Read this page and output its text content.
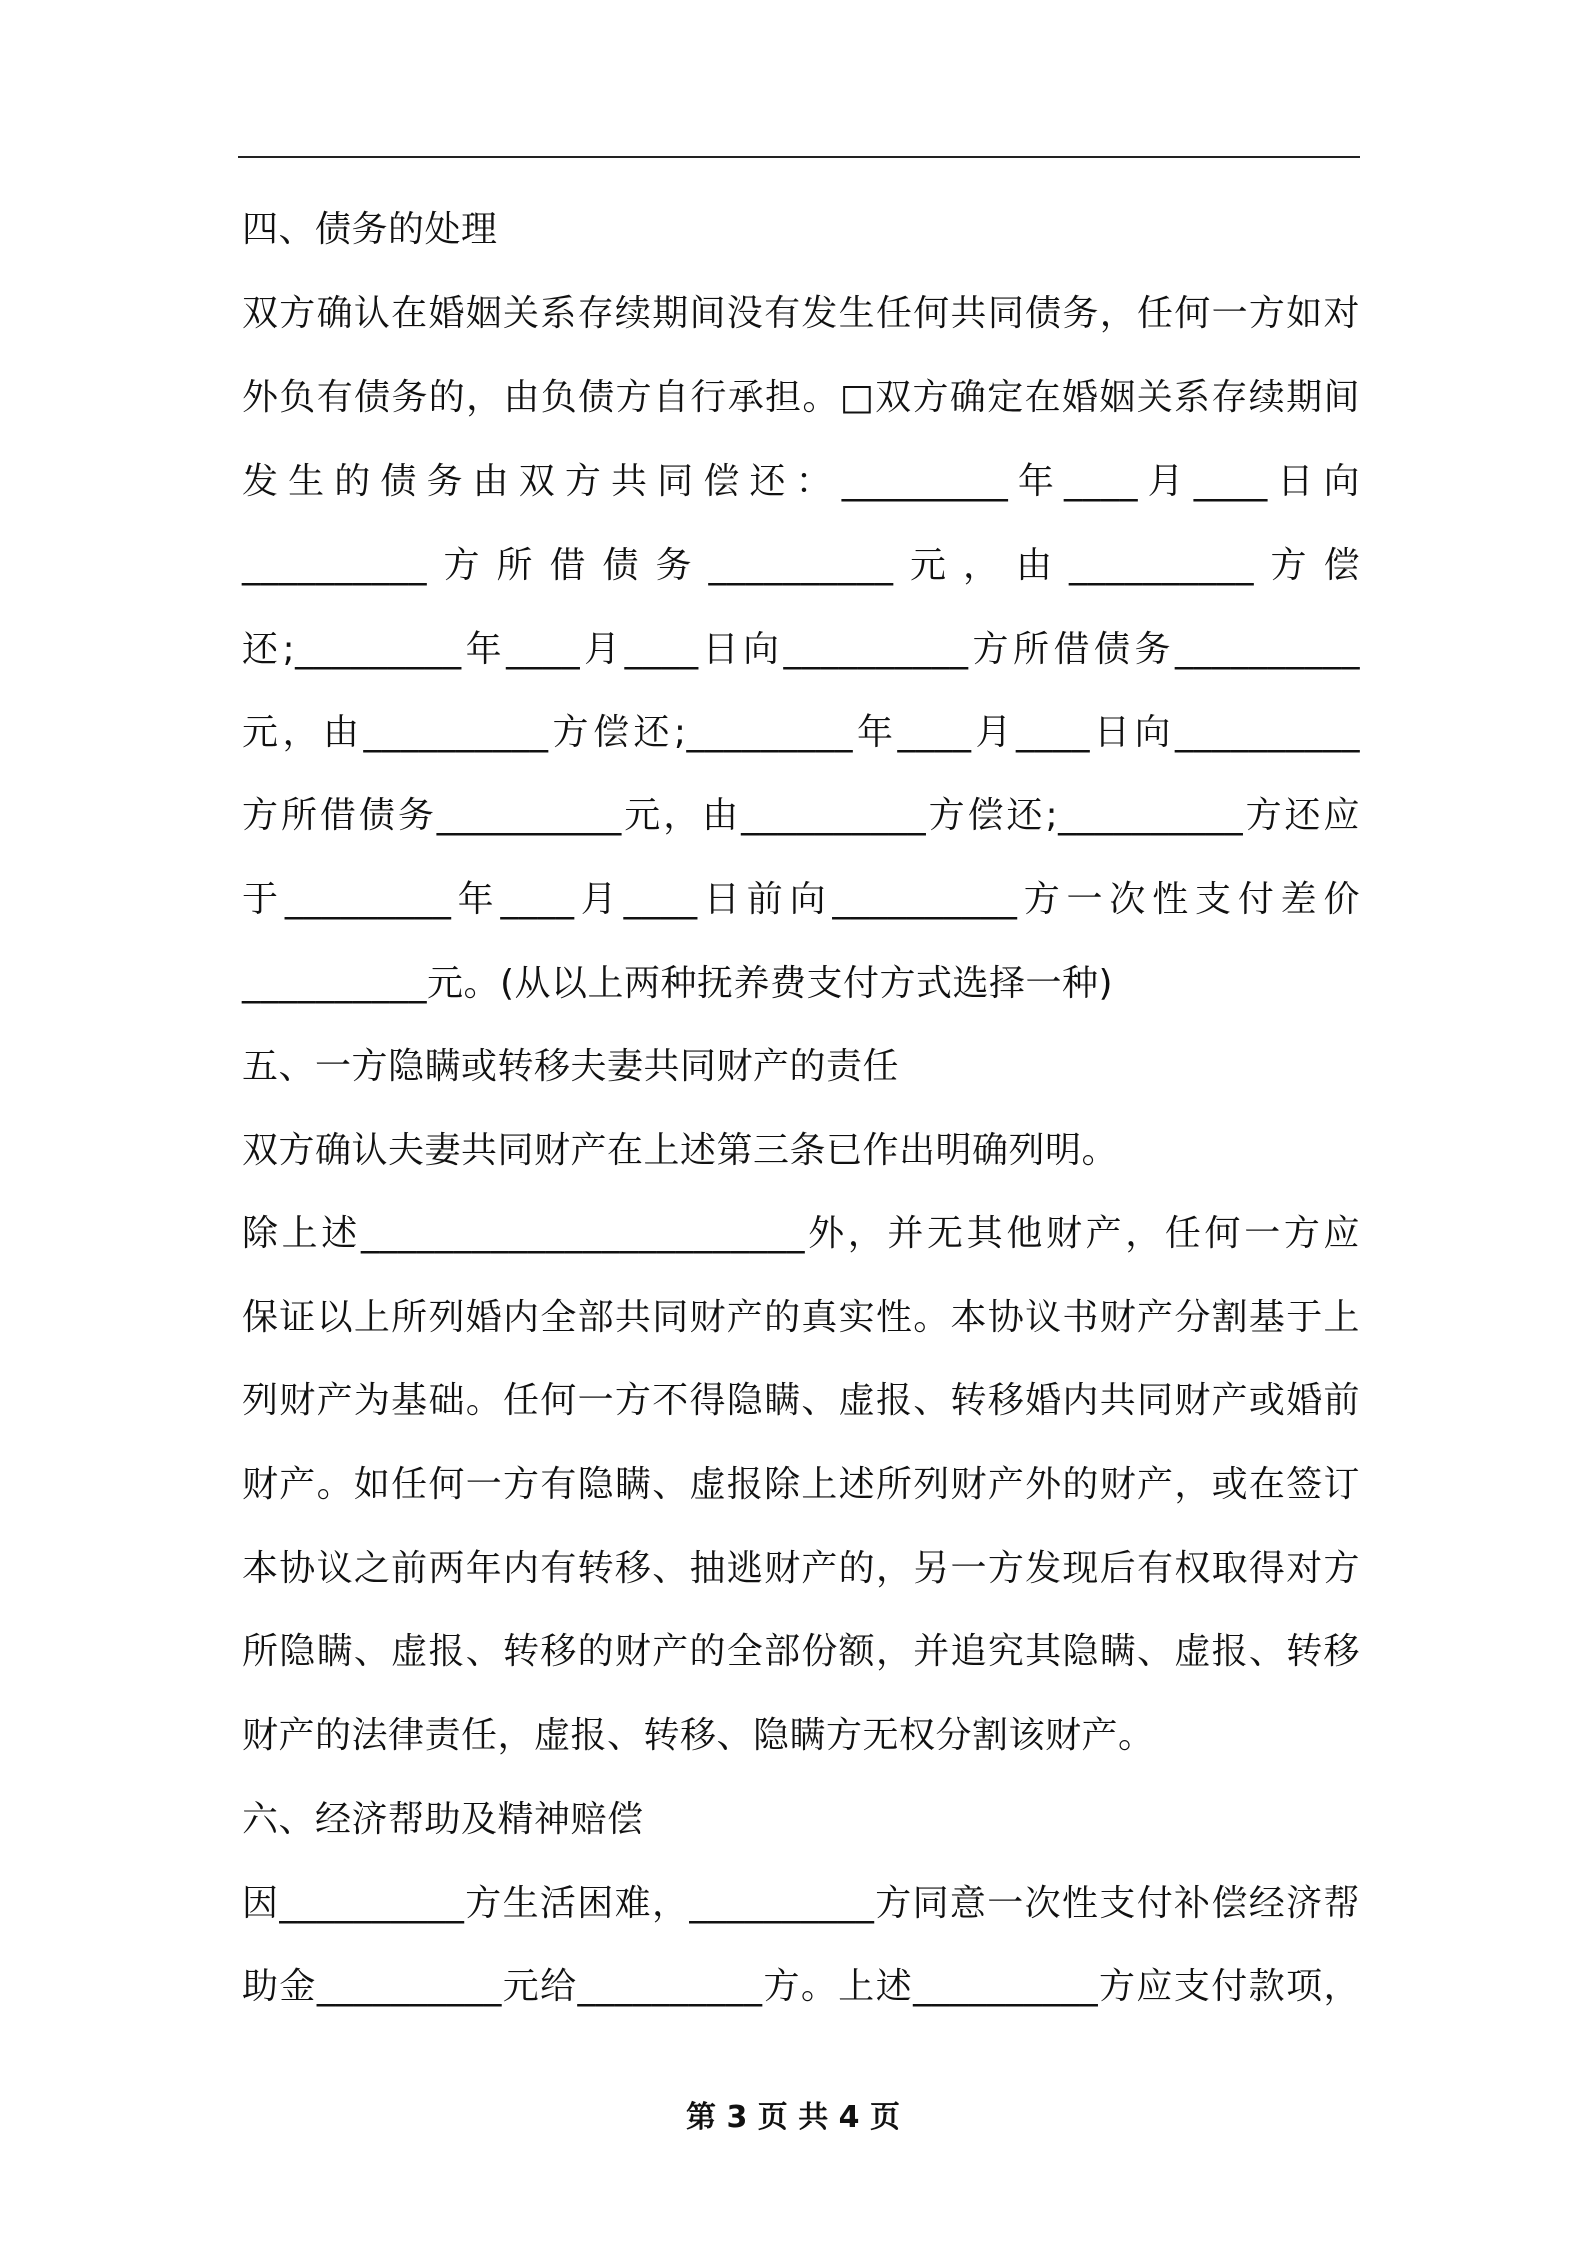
四、债务的处理
双方确认在婚姻关系存续期间没有发生任何共同债务，任何一方如对
外负有债务的，由负债方自行承担。□双方确定在婚姻关系存续期间
发生的债务由双方共同偿还：_________年____月____日向
__________方所借债务__________元，由__________方偿
还;_________年____月____日向__________方所借债务__________
元，由__________方偿还;_________年____月____日向__________
方所借债务__________元，由__________方偿还;__________方还应
于_________年____月____日前向__________方一次性支付差价
__________元。(从以上两种抚养费支付方式选择一种)
五、一方隐瞒或转移夫妻共同财产的责任
双方确认夫妻共同财产在上述第三条已作出明确列明。
除上述________________________外，并无其他财产，任何一方应
保证以上所列婚内全部共同财产的真实性。本协议书财产分割基于上
列财产为基础。任何一方不得隐瞒、虚报、转移婚内共同财产或婚前
财产。如任何一方有隐瞒、虚报除上述所列财产外的财产，或在签订
本协议之前两年内有转移、抽逃财产的，另一方发现后有权取得对方
所隐瞒、虚报、转移的财产的全部份额，并追究其隐瞒、虚报、转移
财产的法律责任，虚报、转移、隐瞒方无权分割该财产。
六、经济帮助及精神赔偿
因__________方生活困难，__________方同意一次性支付补偿经济帮
助金__________元给__________方。上述__________方应支付款项，
第 3 页 共 4 页
